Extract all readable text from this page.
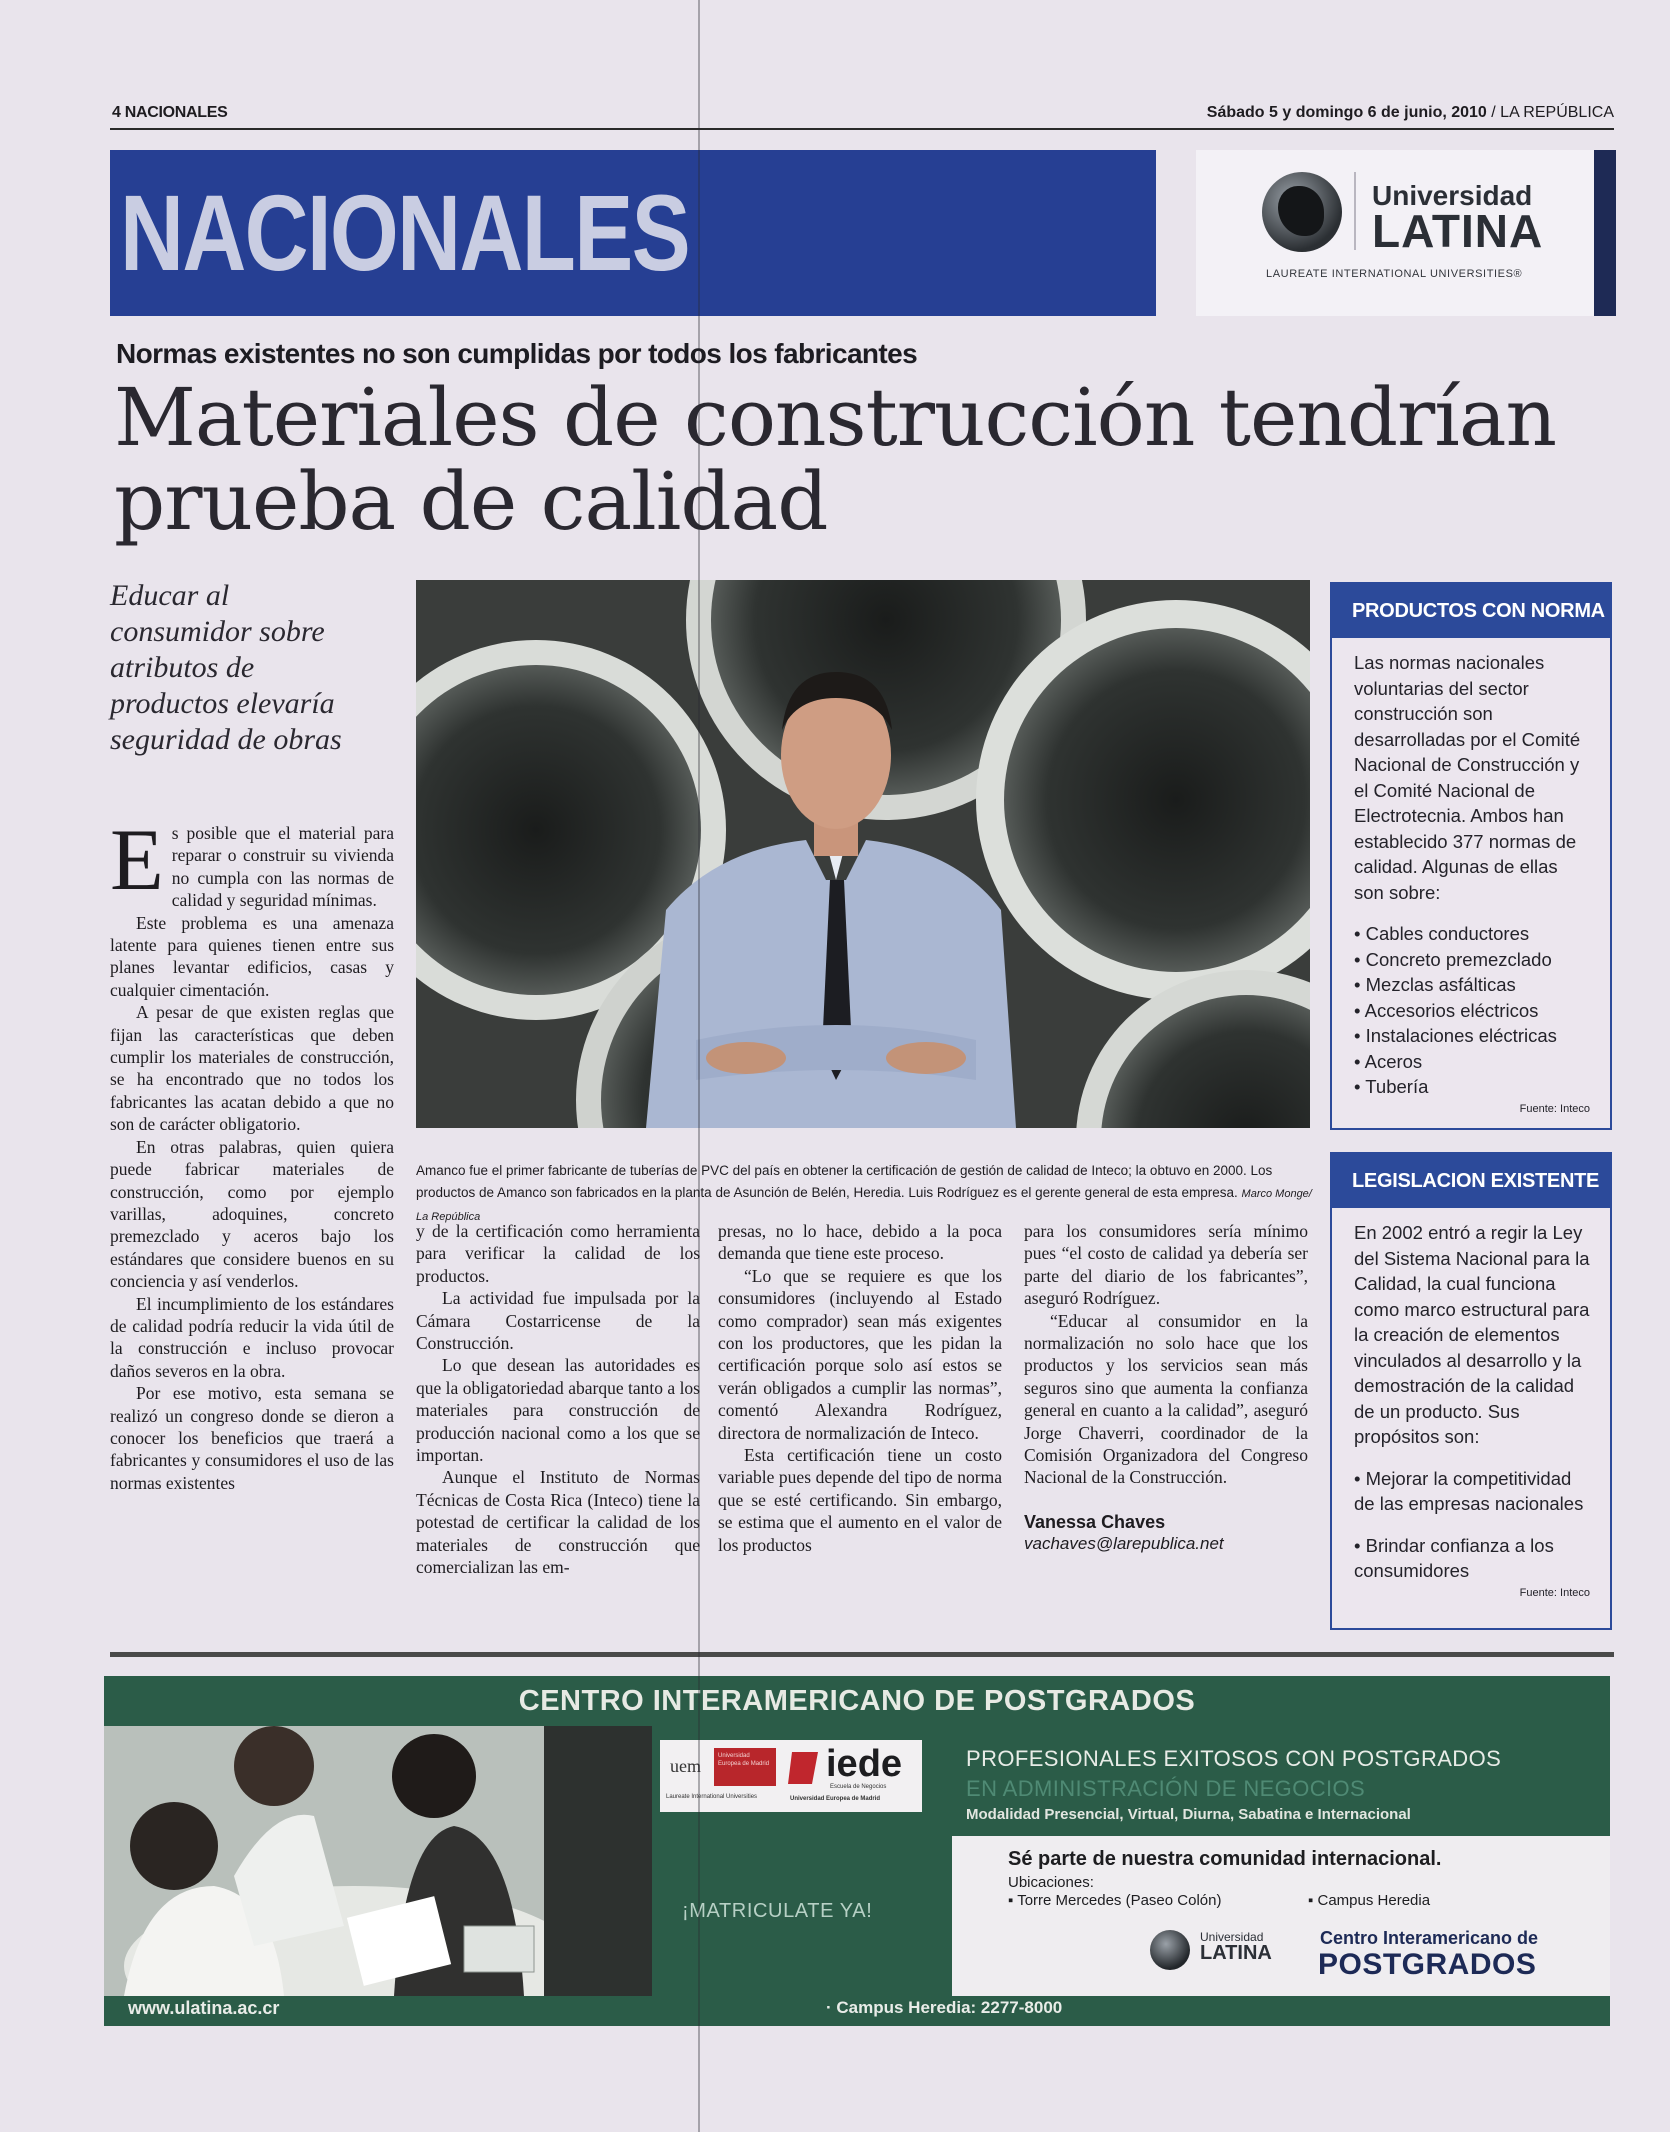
4 NACIONALES	Sábado 5 y domingo 6 de junio, 2010 / LA REPÚBLICA
NACIONALES	Universidad
LATINA
LAUREATE INTERNATIONAL UNIVERSITIES®
Normas existentes no son cumplidas por todos los fabricantes
Materiales de construcción tendrían prueba de calidad
Educar al consumidor sobre atributos de productos elevaría seguridad de obras
Amanco fue el primer fabricante de tuberías de PVC del país en obtener la certificación de gestión de calidad de Inteco; la obtuvo en 2000. Los productos de Amanco son fabricados en la planta de Asunción de Belén, Heredia. Luis Rodríguez es el gerente general de esta empresa. Marco Monge/ La República

Es posible que el material para reparar o construir su vivienda no cumpla con las normas de calidad y seguridad mínimas.

Este problema es una amenaza latente para quienes tienen entre sus planes levantar edificios, casas y cualquier cimentación.

A pesar de que existen reglas que fijan las características que deben cumplir los materiales de construcción, se ha encontrado que no todos los fabricantes las acatan debido a que no son de carácter obligatorio.

En otras palabras, quien quiera puede fabricar materiales de construcción, como por ejemplo varillas, adoquines, concreto premezclado y aceros bajo los estándares que considere buenos en su conciencia y así venderlos.

El incumplimiento de los estándares de calidad podría reducir la vida útil de la construcción e incluso provocar daños severos en la obra.

Por ese motivo, esta semana se realizó un congreso donde se dieron a conocer los beneficios que traerá a fabricantes y consumidores el uso de las normas existentes

y de la certificación como herramienta para verificar la calidad de los productos.

La actividad fue impulsada por la Cámara Costarricense de la Construcción.

Lo que desean las autoridades es que la obligatoriedad abarque tanto a los materiales para construcción de producción nacional como a los que se importan.

Aunque el Instituto de Normas Técnicas de Costa Rica (Inteco) tiene la potestad de certificar la calidad de los materiales de construcción que comercializan las em-

presas, no lo hace, debido a la poca demanda que tiene este proceso.

“Lo que se requiere es que los consumidores (incluyendo al Estado como comprador) sean más exigentes con los productores, que les pidan la certificación porque solo así estos se verán obligados a cumplir las normas”, comentó Alexandra Rodríguez, directora de normalización de Inteco.

Esta certificación tiene un costo variable pues depende del tipo de norma que se esté certificando. Sin embargo, se estima que el aumento en el valor de los productos

para los consumidores sería mínimo pues “el costo de calidad ya debería ser parte del diario de los fabricantes”, aseguró Rodríguez.

“Educar al consumidor en la normalización no solo hace que los productos y los servicios sean más seguros sino que aumenta la confianza general en cuanto a la calidad”, aseguró Jorge Chaverri, coordinador de la Comisión Organizadora del Congreso Nacional de la Construcción.

Vanessa Chaves
vachaves@larepublica.net
PRODUCTOS CON NORMA
Las normas nacionales voluntarias del sector construcción son desarrolladas por el Comité Nacional de Construcción y el Comité Nacional de Electrotecnia. Ambos han establecido 377 normas de calidad. Algunas de ellas son sobre:
• Cables conductores
• Concreto premezclado
• Mezclas asfálticas
• Accesorios eléctricos
• Instalaciones eléctricas
• Aceros
• Tubería
Fuente: Inteco
LEGISLACION EXISTENTE
En 2002 entró a regir la Ley del Sistema Nacional para la Calidad, la cual funciona como marco estructural para la creación de elementos vinculados al desarrollo y la demostración de la calidad de un producto. Sus propósitos son:
• Mejorar la competitividad de las empresas nacionales
• Brindar confianza a los consumidores
Fuente: Inteco
CENTRO INTERAMERICANO DE POSTGRADOS
uem	Universidad Europea de Madrid
Laureate International Universities
iede
Escuela de Negocios
Universidad Europea de Madrid
PROFESIONALES EXITOSOS CON POSTGRADOS
EN ADMINISTRACIÓN DE NEGOCIOS
Modalidad Presencial, Virtual, Diurna, Sabatina e Internacional
Sé parte de nuestra comunidad internacional.
Ubicaciones:
▪ Torre Mercedes (Paseo Colón)	▪ Campus Heredia
¡MATRICULATE YA!
Universidad
LATINA
Centro Interamericano de
POSTGRADOS
www.ulatina.ac.cr	· Campus Heredia: 2277-8000
